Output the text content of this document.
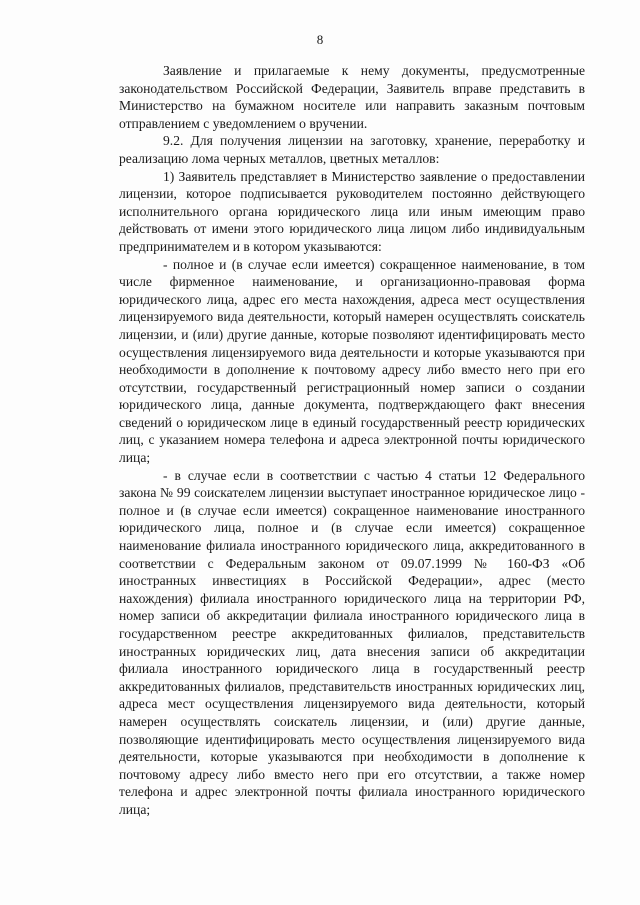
8

Заявление и прилагаемые к нему документы, предусмотренные законодательством Российской Федерации, Заявитель вправе представить в Министерство на бумажном носителе или направить заказным почтовым отправлением с уведомлением о вручении.

9.2. Для получения лицензии на заготовку, хранение, переработку и реализацию лома черных металлов, цветных металлов:

1) Заявитель представляет в Министерство заявление о предоставлении лицензии, которое подписывается руководителем постоянно действующего исполнительного органа юридического лица или иным имеющим право действовать от имени этого юридического лица лицом либо индивидуальным предпринимателем и в котором указываются:

- полное и (в случае если имеется) сокращенное наименование, в том числе фирменное наименование, и организационно-правовая форма юридического лица, адрес его места нахождения, адреса мест осуществления лицензируемого вида деятельности, который намерен осуществлять соискатель лицензии, и (или) другие данные, которые позволяют идентифицировать место осуществления лицензируемого вида деятельности и которые указываются при необходимости в дополнение к почтовому адресу либо вместо него при его отсутствии, государственный регистрационный номер записи о создании юридического лица, данные документа, подтверждающего факт внесения сведений о юридическом лице в единый государственный реестр юридических лиц, с указанием номера телефона и адреса электронной почты юридического лица;

- в случае если в соответствии с частью 4 статьи 12 Федерального закона № 99 соискателем лицензии выступает иностранное юридическое лицо - полное и (в случае если имеется) сокращенное наименование иностранного юридического лица, полное и (в случае если имеется) сокращенное наименование филиала иностранного юридического лица, аккредитованного в соответствии с Федеральным законом от 09.07.1999 № 160-ФЗ «Об иностранных инвестициях в Российской Федерации», адрес (место нахождения) филиала иностранного юридического лица на территории РФ, номер записи об аккредитации филиала иностранного юридического лица в государственном реестре аккредитованных филиалов, представительств иностранных юридических лиц, дата внесения записи об аккредитации филиала иностранного юридического лица в государственный реестр аккредитованных филиалов, представительств иностранных юридических лиц, адреса мест осуществления лицензируемого вида деятельности, который намерен осуществлять соискатель лицензии, и (или) другие данные, позволяющие идентифицировать место осуществления лицензируемого вида деятельности, которые указываются при необходимости в дополнение к почтовому адресу либо вместо него при его отсутствии, а также номер телефона и адрес электронной почты филиала иностранного юридического лица;
